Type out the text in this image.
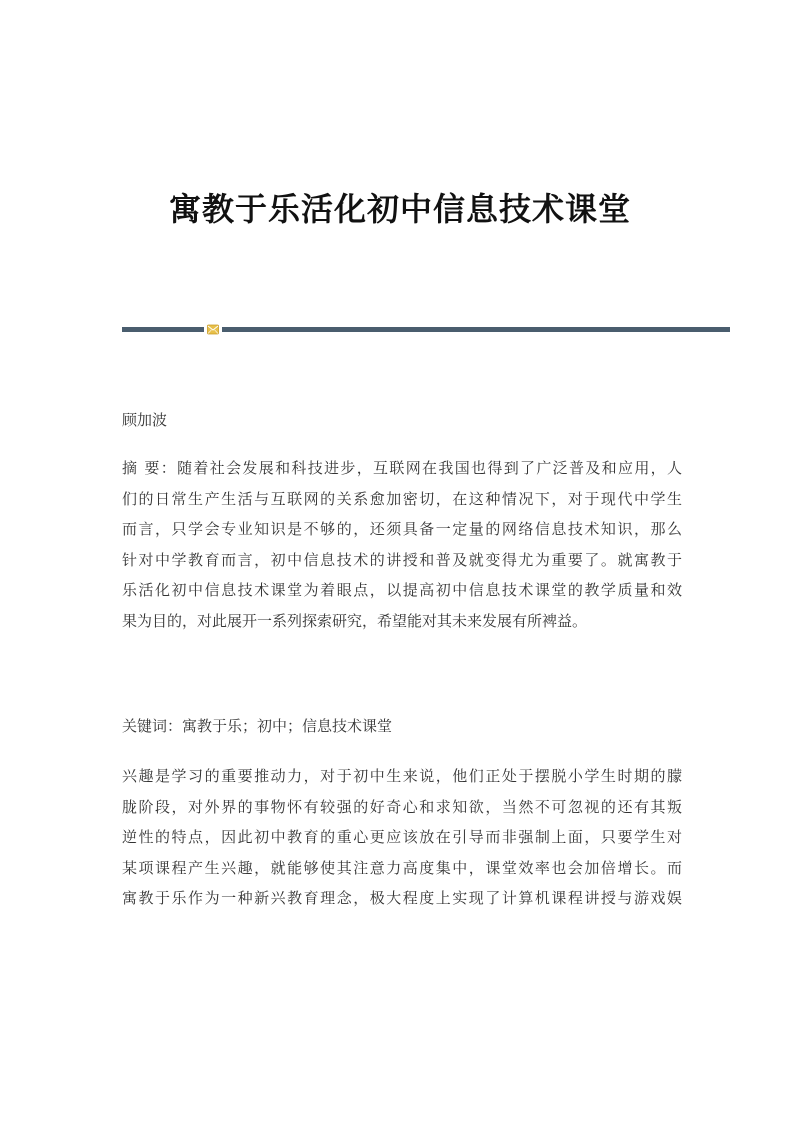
寓教于乐活化初中信息技术课堂

顾加波

摘 要：随着社会发展和科技进步，互联网在我国也得到了广泛普及和应用，人
们的日常生产生活与互联网的关系愈加密切，在这种情况下，对于现代中学生
而言，只学会专业知识是不够的，还须具备一定量的网络信息技术知识，那么
针对中学教育而言，初中信息技术的讲授和普及就变得尤为重要了。就寓教于
乐活化初中信息技术课堂为着眼点，以提高初中信息技术课堂的教学质量和效
果为目的，对此展开一系列探索研究，希望能对其未来发展有所裨益。

关键词：寓教于乐；初中；信息技术课堂

兴趣是学习的重要推动力，对于初中生来说，他们正处于摆脱小学生时期的朦
胧阶段，对外界的事物怀有较强的好奇心和求知欲，当然不可忽视的还有其叛
逆性的特点，因此初中教育的重心更应该放在引导而非强制上面，只要学生对
某项课程产生兴趣，就能够使其注意力高度集中，课堂效率也会加倍增长。而
寓教于乐作为一种新兴教育理念，极大程度上实现了计算机课程讲授与游戏娱
